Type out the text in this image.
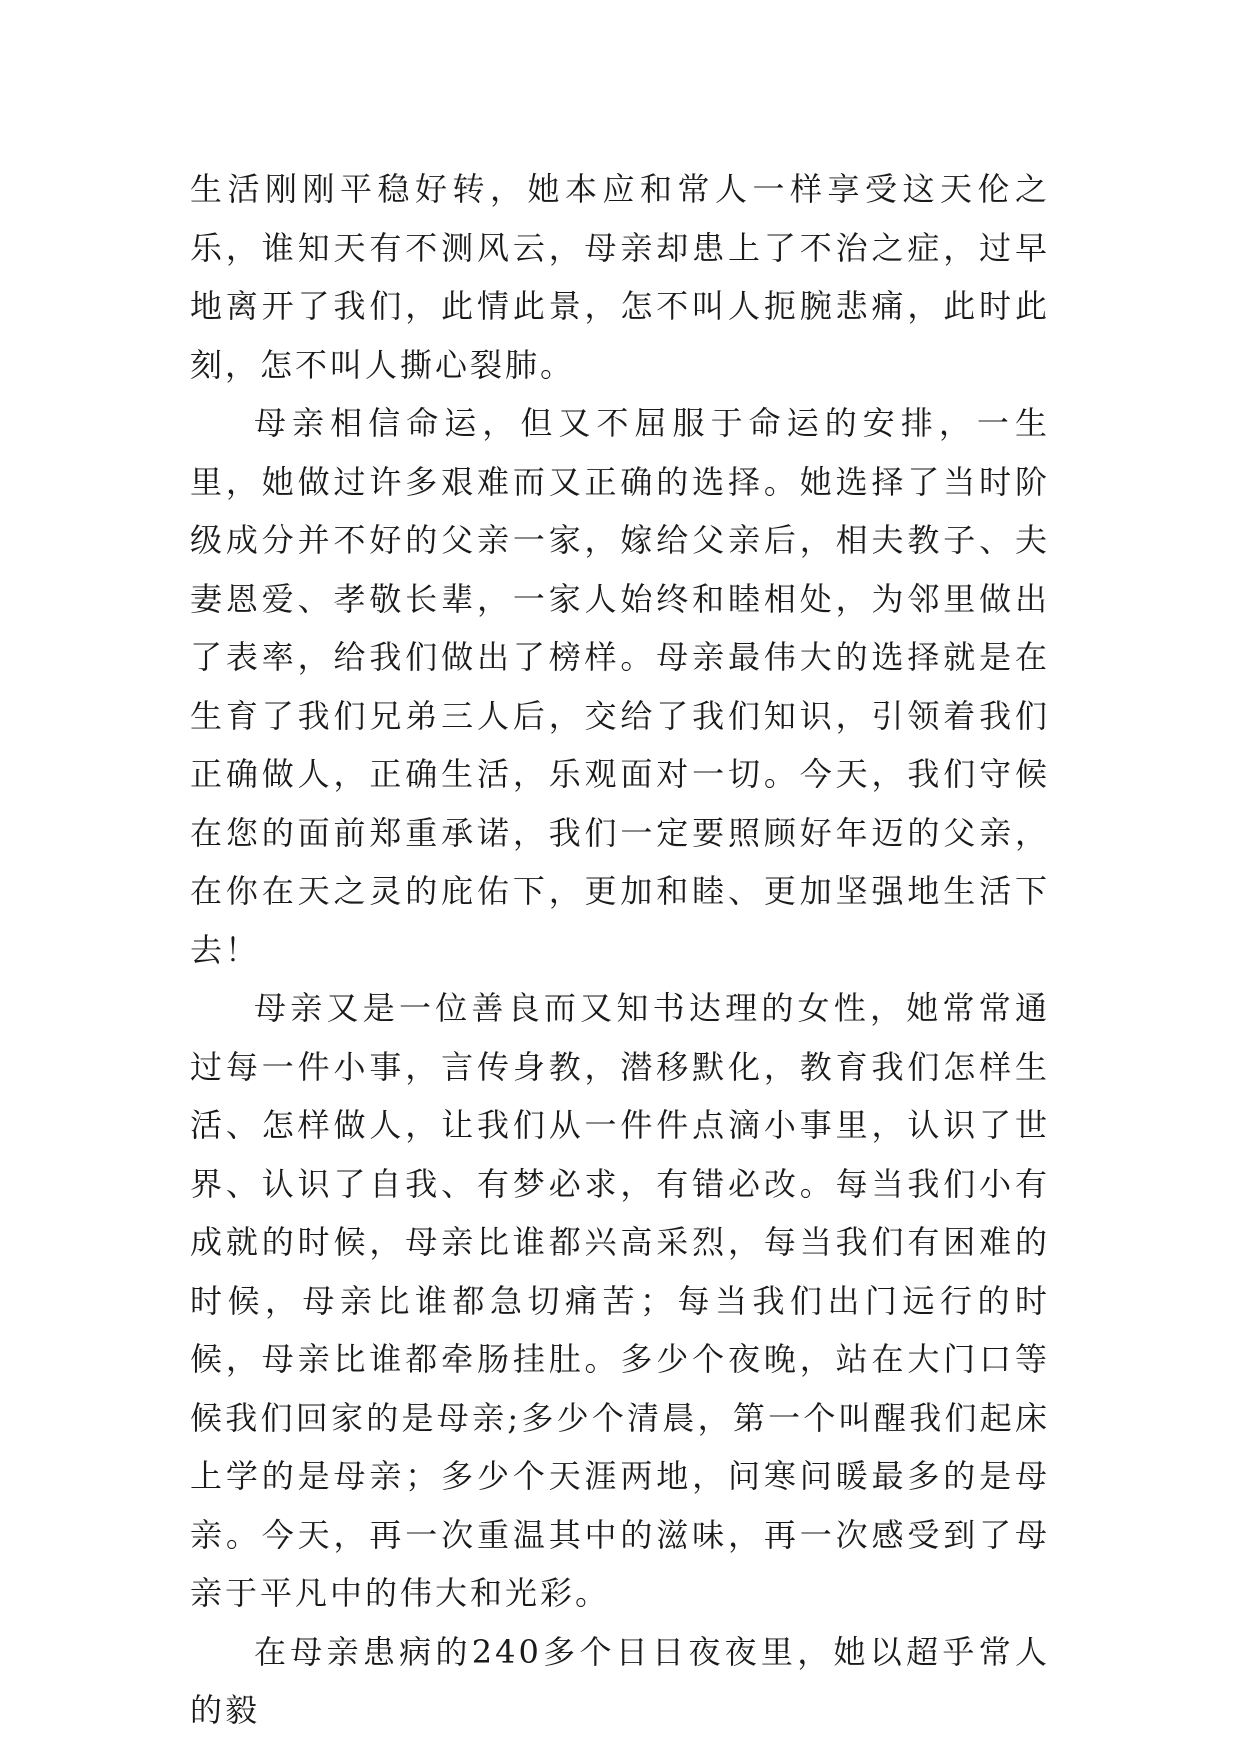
生活刚刚平稳好转，她本应和常人一样享受这天伦之乐，谁知天有不测风云，母亲却患上了不治之症，过早地离开了我们，此情此景，怎不叫人扼腕悲痛，此时此刻，怎不叫人撕心裂肺。

母亲相信命运，但又不屈服于命运的安排，一生里，她做过许多艰难而又正确的选择。她选择了当时阶级成分并不好的父亲一家，嫁给父亲后，相夫教子、夫妻恩爱、孝敬长辈，一家人始终和睦相处，为邻里做出了表率，给我们做出了榜样。母亲最伟大的选择就是在生育了我们兄弟三人后，交给了我们知识，引领着我们正确做人，正确生活，乐观面对一切。今天，我们守候在您的面前郑重承诺，我们一定要照顾好年迈的父亲，在你在天之灵的庇佑下，更加和睦、更加坚强地生活下去！

母亲又是一位善良而又知书达理的女性，她常常通过每一件小事，言传身教，潜移默化，教育我们怎样生活、怎样做人，让我们从一件件点滴小事里，认识了世界、认识了自我、有梦必求，有错必改。每当我们小有成就的时候，母亲比谁都兴高采烈，每当我们有困难的时候，母亲比谁都急切痛苦；每当我们出门远行的时候，母亲比谁都牵肠挂肚。多少个夜晚，站在大门口等候我们回家的是母亲;多少个清晨，第一个叫醒我们起床上学的是母亲；多少个天涯两地，问寒问暖最多的是母亲。今天，再一次重温其中的滋味，再一次感受到了母亲于平凡中的伟大和光彩。

在母亲患病的240多个日日夜夜里，她以超乎常人的毅
